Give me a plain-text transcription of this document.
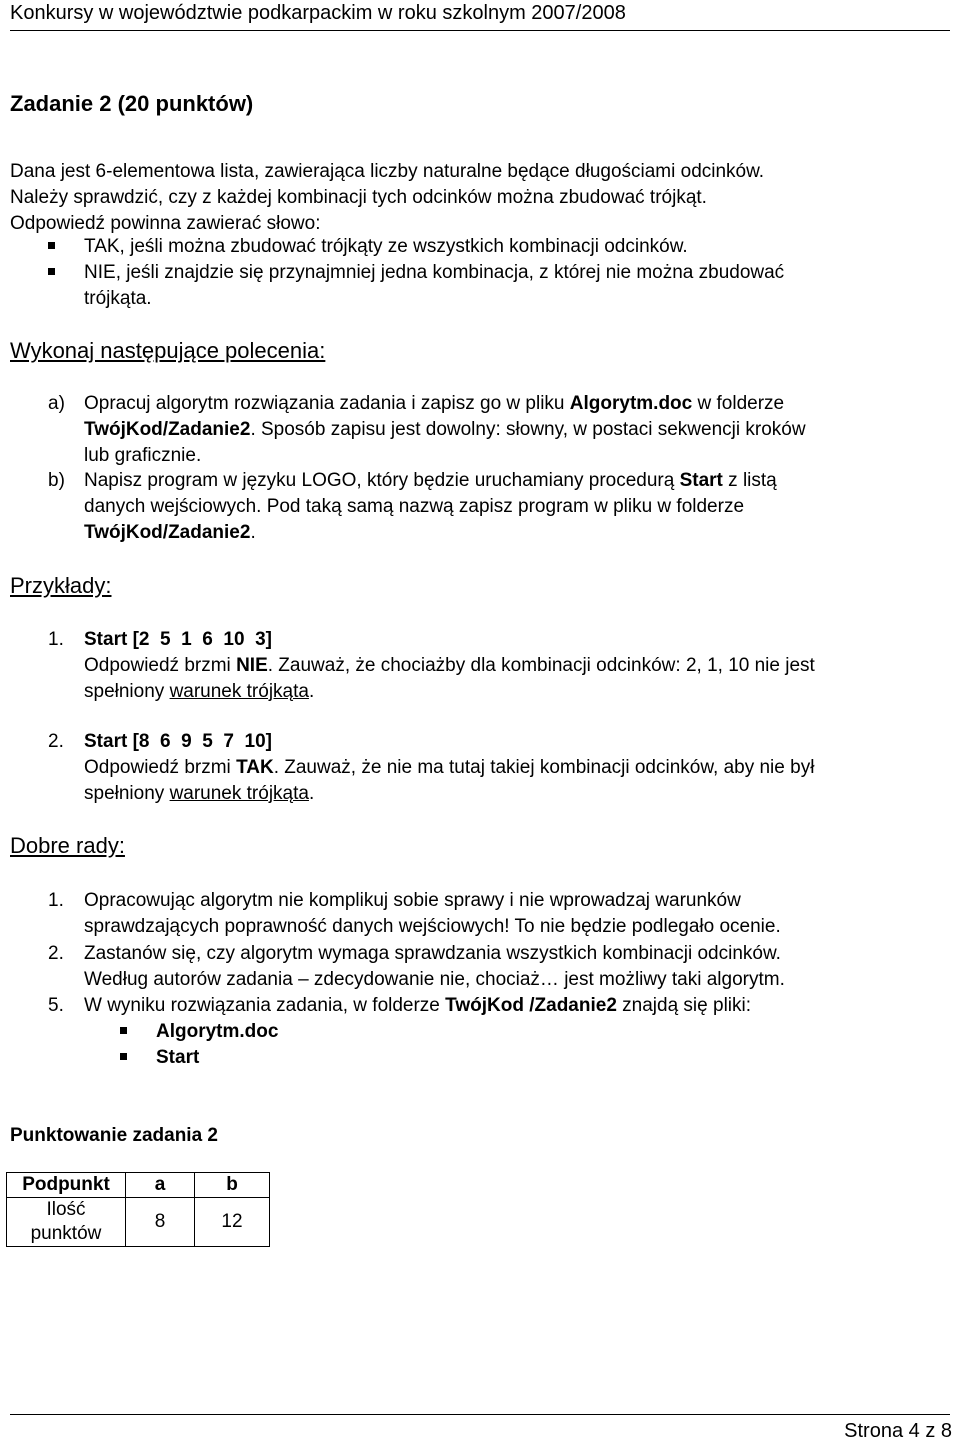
Konkursy w województwie podkarpackim w roku szkolnym 2007/2008
Zadanie 2 (20 punktów)
Dana jest 6-elementowa lista, zawierająca liczby naturalne będące długościami odcinków.
Należy sprawdzić, czy z każdej kombinacji tych odcinków można zbudować trójkąt.
Odpowiedź powinna zawierać słowo:
TAK, jeśli można zbudować trójkąty ze wszystkich kombinacji odcinków.
NIE, jeśli znajdzie się przynajmniej jedna kombinacja, z której nie można zbudować
trójkąta.
Wykonaj następujące polecenia:
a) Opracuj algorytm rozwiązania zadania i zapisz go w pliku Algorytm.doc w folderze
TwójKod/Zadanie2. Sposób zapisu jest dowolny: słowny, w postaci sekwencji kroków
lub graficznie.
b) Napisz program w języku LOGO, który będzie uruchamiany procedurą Start z listą
danych wejściowych. Pod taką samą nazwą zapisz program w pliku w folderze
TwójKod/Zadanie2.
Przykłady:
1. Start [2  5  1  6  10  3]
Odpowiedź brzmi NIE. Zauważ, że chociażby dla kombinacji odcinków: 2, 1, 10 nie jest
spełniony warunek trójkąta.
2. Start [8  6  9  5  7  10]
Odpowiedź brzmi TAK. Zauważ, że nie ma tutaj takiej kombinacji odcinków, aby nie był
spełniony warunek trójkąta.
Dobre rady:
1. Opracowując algorytm nie komplikuj sobie sprawy i nie wprowadzaj warunków
sprawdzających poprawność danych wejściowych! To nie będzie podlegało ocenie.
2. Zastanów się, czy algorytm wymaga sprawdzania wszystkich kombinacji odcinków.
Według autorów zadania – zdecydowanie nie, chociaż… jest możliwy taki algorytm.
5. W wyniku rozwiązania zadania, w folderze TwójKod /Zadanie2 znajdą się pliki:
Algorytm.doc
Start
Punktowanie zadania 2
Podpunkt	a	b

Ilość
punktów	8	12
Strona 4 z 8
